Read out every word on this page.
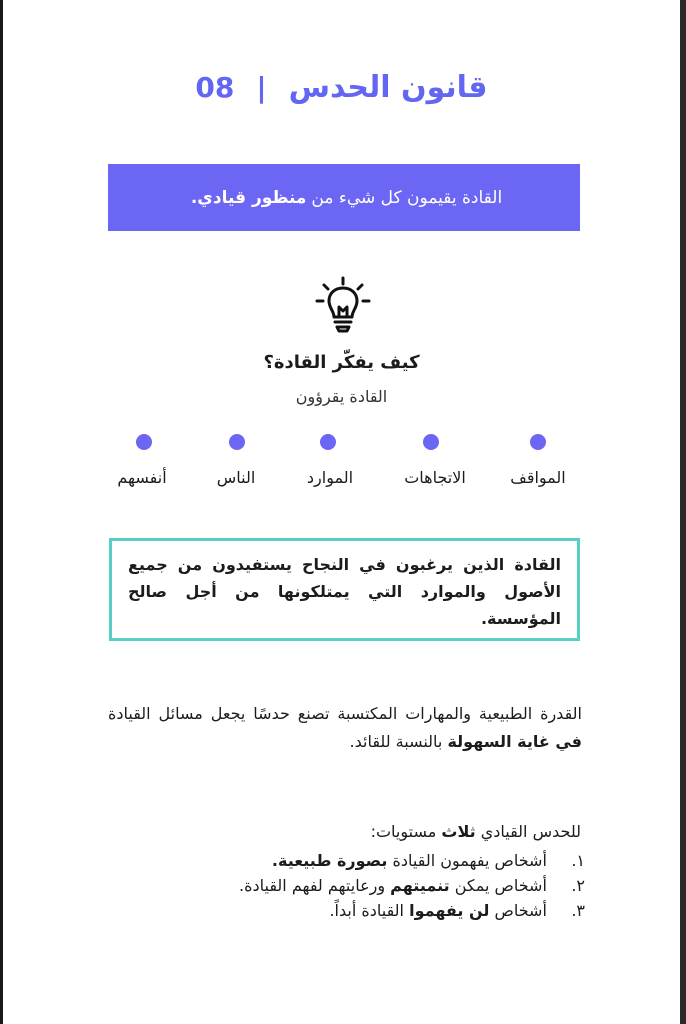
08 | قانون الحدس
القادة يقيمون كل شيء من
منظور قيادي.
كيف يفكّر القادة؟
القادة يقرؤون
المواقف
الاتجاهات
الموارد
الناس
أنفسهم
القادة الذين يرغبون في النجاح يستفيدون من جميع الأصول والموارد التي يمتلكونها من أجل صالح المؤسسة.
القدرة الطبيعية والمهارات المكتسبة تصنع حدسًا يجعل مسائل القيادة في غاية السهولة بالنسبة للقائد.
للحدس القيادي ثلاث مستويات:
١. أشخاص يفهمون القيادة بصورة طبيعية.
٢. أشخاص يمكن تنميتهم ورعايتهم لفهم القيادة.
٣. أشخاص لن يفهموا القيادة أبداً.
